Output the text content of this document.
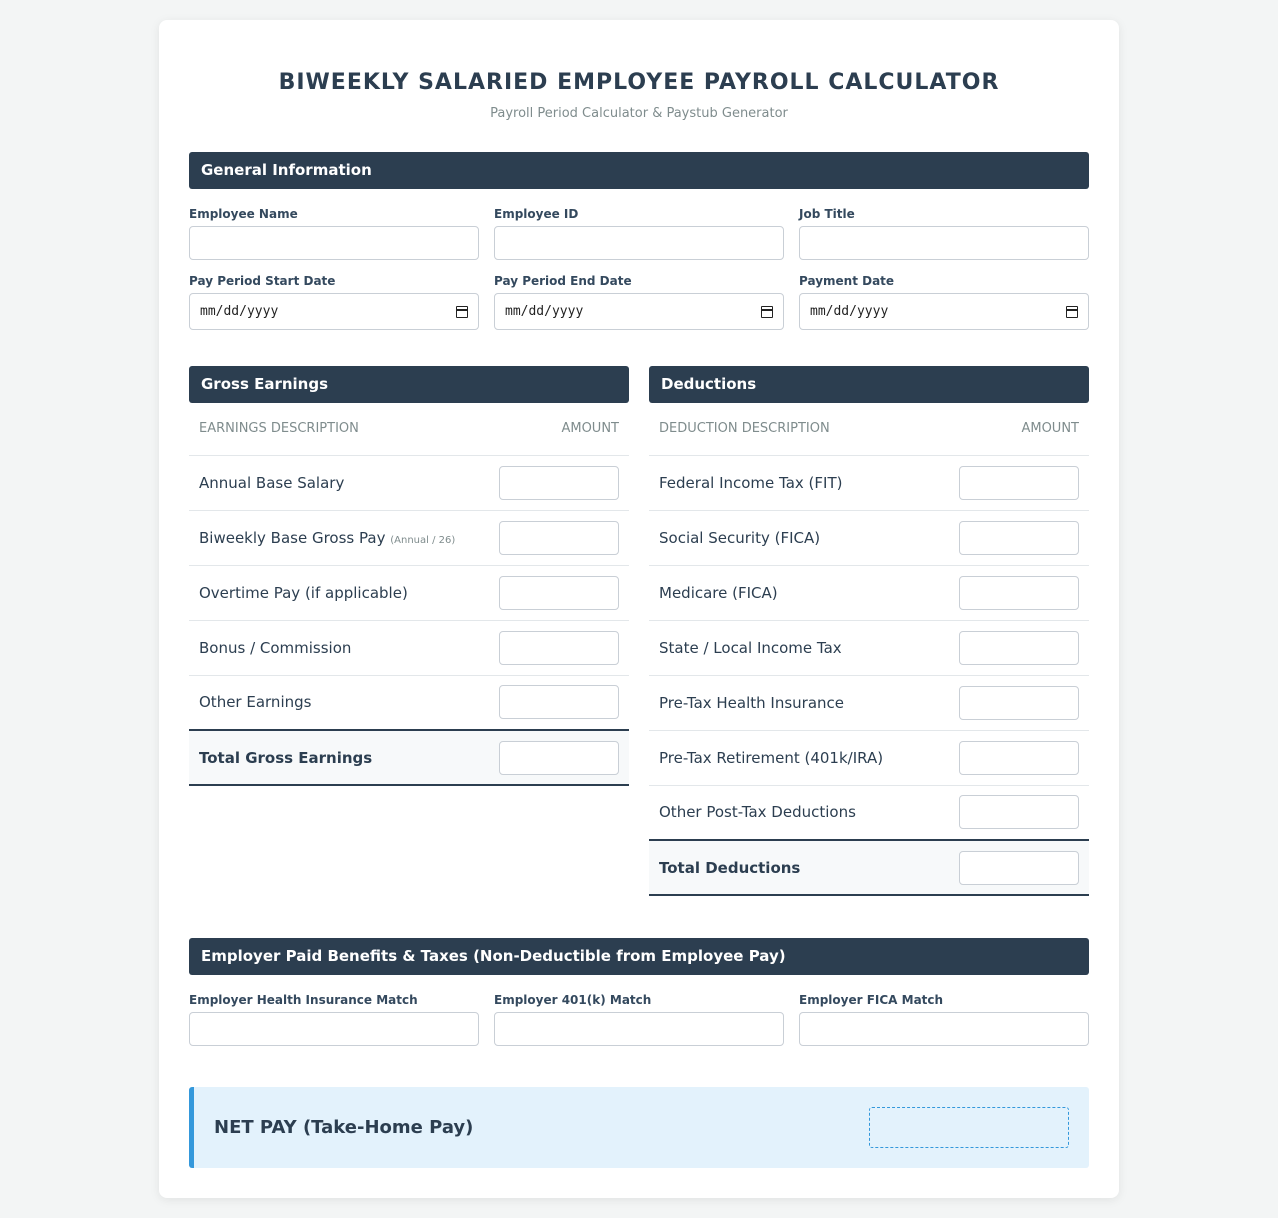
BIWEEKLY SALARIED EMPLOYEE PAYROLL CALCULATOR
Payroll Period Calculator & Paystub Generator
General Information
Employee Name	Employee ID	Job Title
Pay Period Start Date
mm/dd/yyyy
Pay Period End Date
mm/dd/yyyy
Payment Date
mm/dd/yyyy
Gross Earnings
EARNINGS DESCRIPTION	AMOUNT
Annual Base Salary	
Biweekly Base Gross Pay (Annual / 26)	
Overtime Pay (if applicable)	
Bonus / Commission	
Other Earnings	
Total Gross Earnings	
Deductions
DEDUCTION DESCRIPTION	AMOUNT
Federal Income Tax (FIT)	
Social Security (FICA)	
Medicare (FICA)	
State / Local Income Tax	
Pre-Tax Health Insurance	
Pre-Tax Retirement (401k/IRA)	
Other Post-Tax Deductions	
Total Deductions	
Employer Paid Benefits & Taxes (Non-Deductible from Employee Pay)
Employer Health Insurance Match	Employer 401(k) Match	Employer FICA Match
NET PAY (Take-Home Pay)
